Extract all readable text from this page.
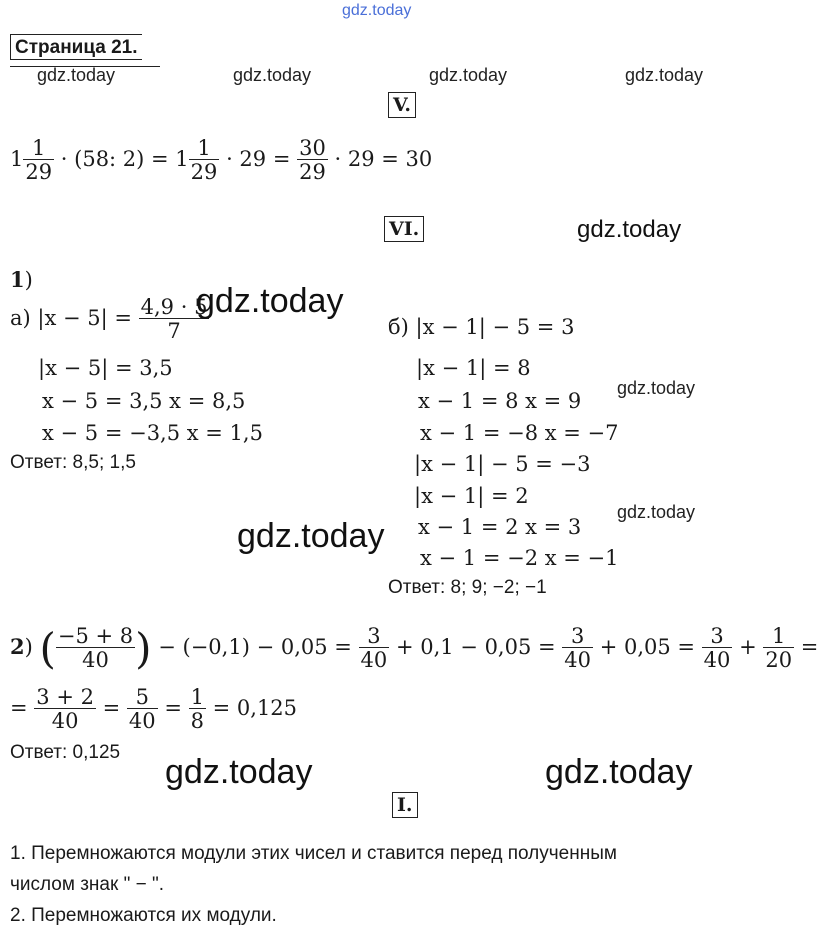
gdz.today
gdz.today	gdz.today	gdz.today	gdz.today
Страница 21.
V.
$1 \frac{1}{29} \cdot (58$: $2) = 1 \frac{1}{29} \cdot 29 = \frac{30}{29} \cdot 29 = 30$
VI.	gdz.today
1)
а) $|x - 5| = \frac{4,9 \cdot 5}{7}$
gdz.today
|x − 5| = 3,5
x − 5 = 3,5 x = 8,5
x − 5 = −3,5 x = 1,5
Ответ: 8,5; 1,5
б) |x − 1| − 5 = 3
|x − 1| = 8
x − 1 = 8 x = 9
gdz.today
x − 1 = −8 x = −7
|x − 1| − 5 = −3
|x − 1| = 2
x − 1 = 2 x = 3
gdz.today
x − 1 = −2 x = −1
Ответ: 8; 9; −2; −1
gdz.today
2) ( $\frac{-5 + 8}{40}$ ) − $(-0,1) - 0,05 = \frac{3}{40} + 0,1 - 0,05 = \frac{3}{40} + 0,05 = \frac{3}{40} + \frac{1}{20}$ =
= $\frac{3 + 2}{40} = \frac{5}{40} = \frac{1}{8} = 0,125$
Ответ: 0,125
gdz.today	gdz.today
I.
1. Перемножаются модули этих чисел и ставится перед полученным
числом знак " − ".
2. Перемножаются их модули.
